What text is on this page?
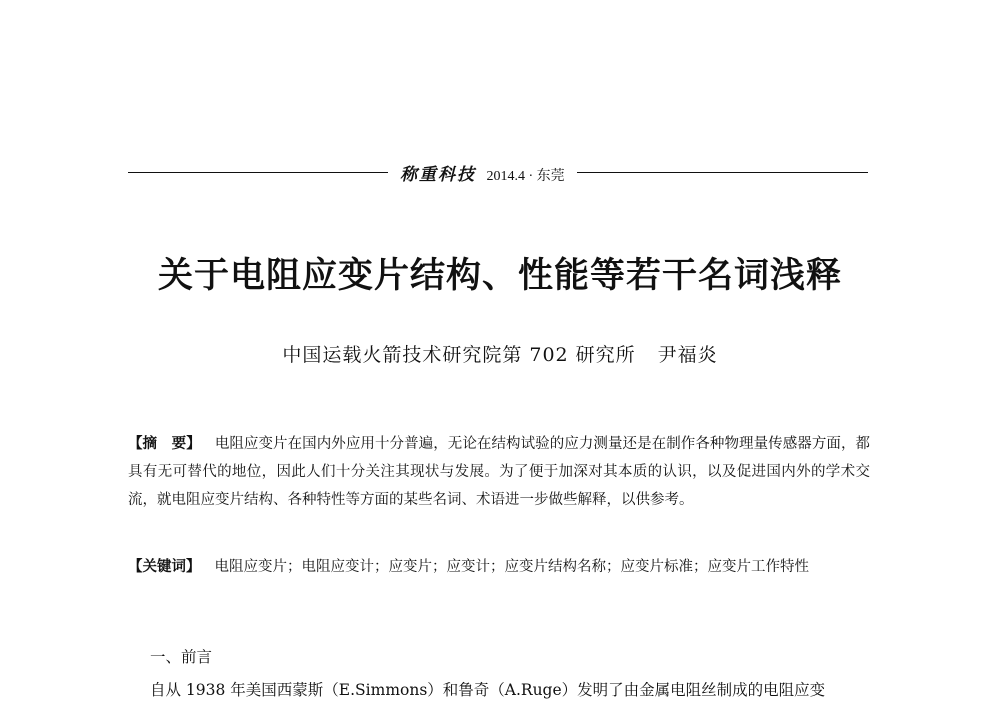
称重科技 2014.4 · 东莞
关于电阻应变片结构、性能等若干名词浅释
中国运载火箭技术研究院第 702 研究所 尹福炎
【摘　要】 电阻应变片在国内外应用十分普遍，无论在结构试验的应力测量还是在制作各种物理量传感器方面，都具有无可替代的地位，因此人们十分关注其现状与发展。为了便于加深对其本质的认识，以及促进国内外的学术交流，就电阻应变片结构、各种特性等方面的某些名词、术语进一步做些解释，以供参考。
【关键词】 电阻应变片；电阻应变计；应变片；应变计；应变片结构名称；应变片标准；应变片工作特性
一、前言
自从 1938 年美国西蒙斯（E.Simmons）和鲁奇（A.Ruge）发明了由金属电阻丝制成的电阻应变
